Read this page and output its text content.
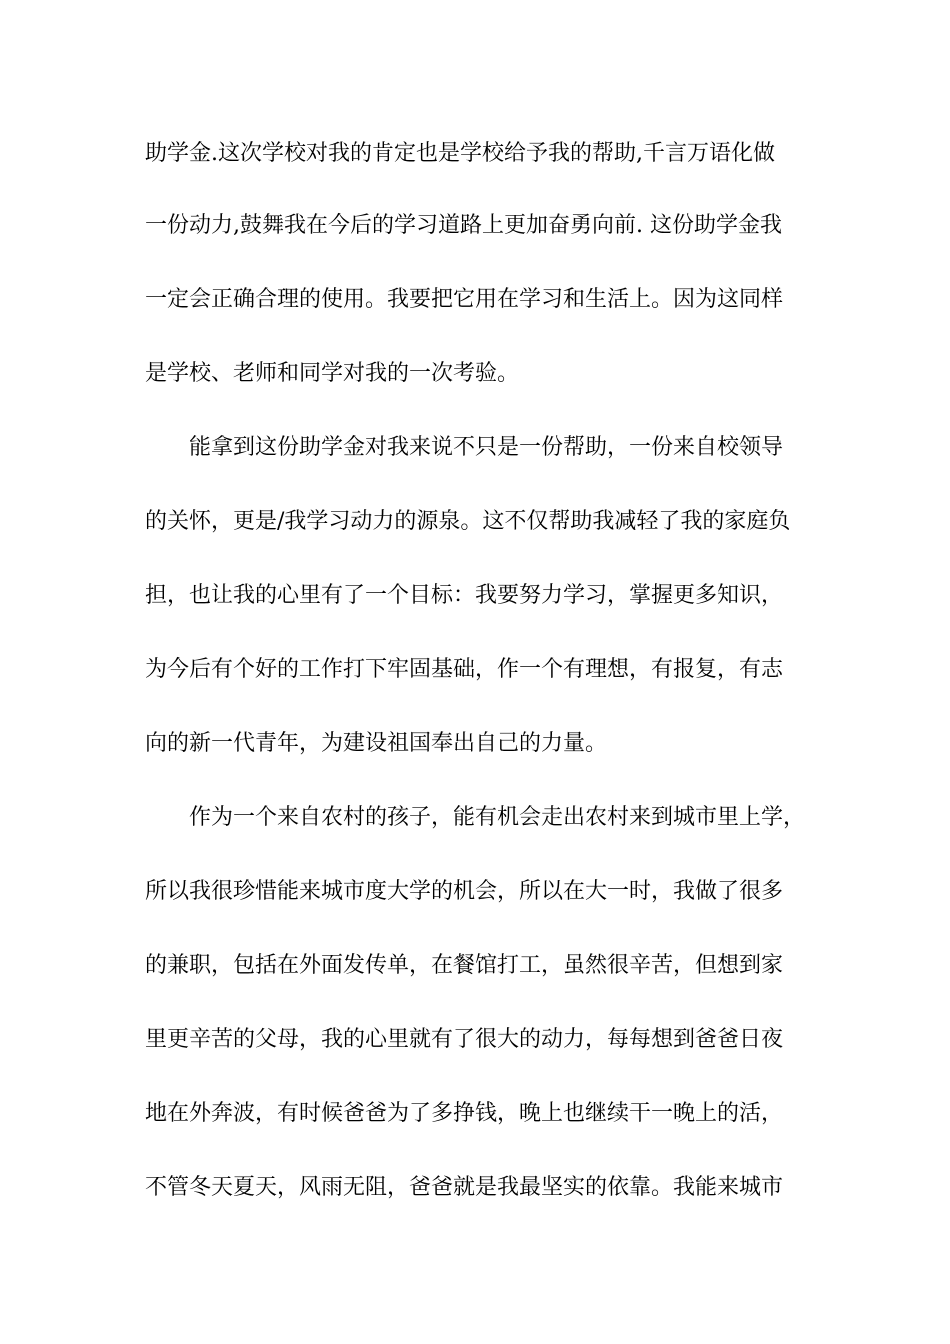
助学金.这次学校对我的肯定也是学校给予我的帮助,千言万语化做
一份动力,鼓舞我在今后的学习道路上更加奋勇向前. 这份助学金我
一定会正确合理的使用。我要把它用在学习和生活上。因为这同样
是学校、老师和同学对我的一次考验。
能拿到这份助学金对我来说不只是一份帮助，一份来自校领导
的关怀，更是/我学习动力的源泉。这不仅帮助我减轻了我的家庭负
担，也让我的心里有了一个目标：我要努力学习，掌握更多知识，
为今后有个好的工作打下牢固基础，作一个有理想，有报复，有志
向的新一代青年，为建设祖国奉出自己的力量。
作为一个来自农村的孩子，能有机会走出农村来到城市里上学，
所以我很珍惜能来城市度大学的机会，所以在大一时，我做了很多
的兼职，包括在外面发传单，在餐馆打工，虽然很辛苦，但想到家
里更辛苦的父母，我的心里就有了很大的动力，每每想到爸爸日夜
地在外奔波，有时候爸爸为了多挣钱，晚上也继续干一晚上的活，
不管冬天夏天，风雨无阻，爸爸就是我最坚实的依靠。我能来城市
